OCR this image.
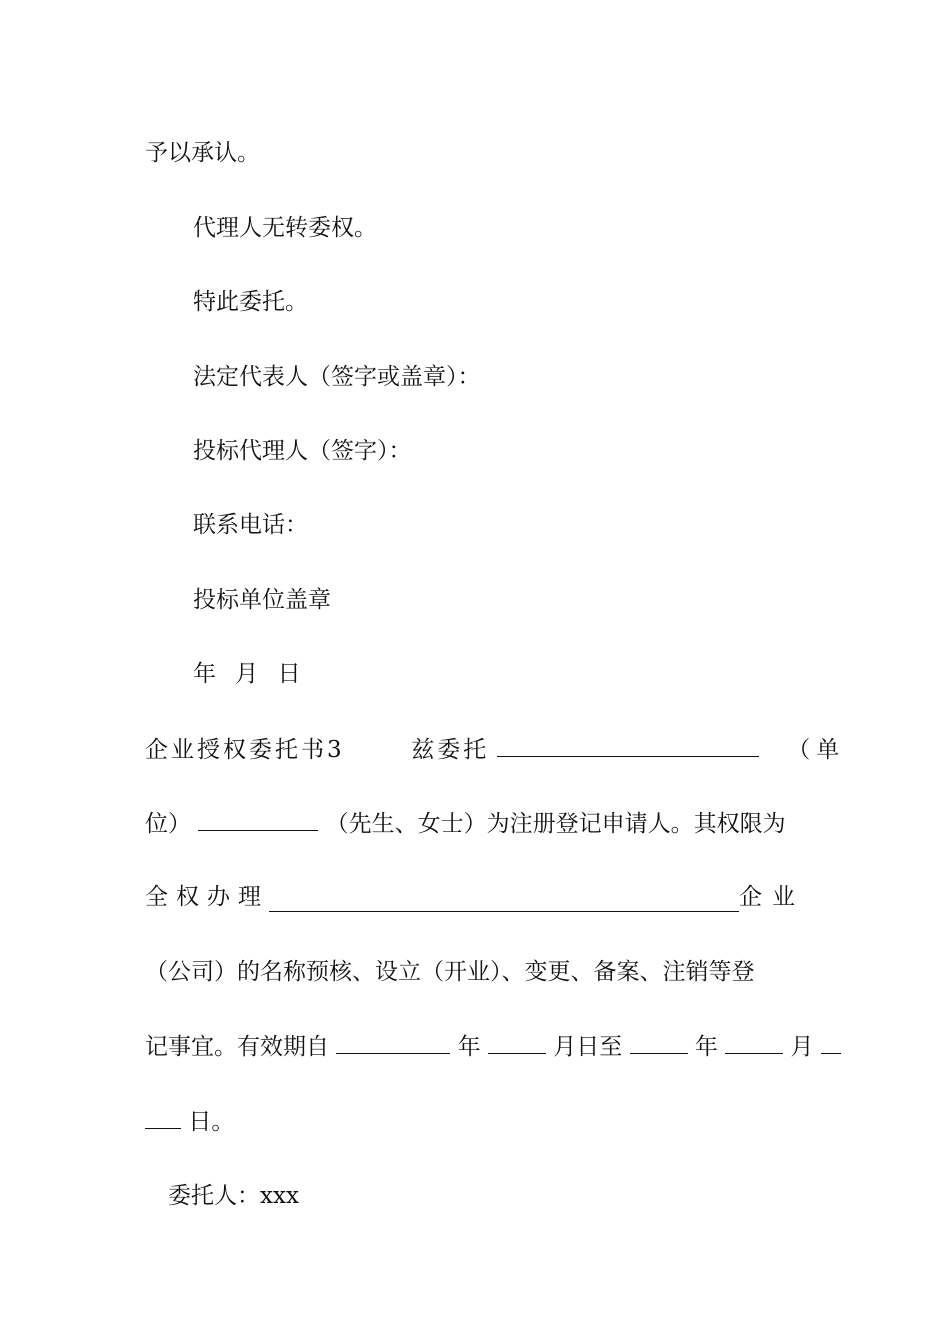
予以承认。
代理人无转委权。
特此委托。
法定代表人（签字或盖章）：
投标代理人（签字）：
联系电话：
投标单位盖章
年 月 日
企业授权委托书3	兹委托	（单
位）	（先生、女士）为注册登记申请人。其权限为
全权办理	企业
（公司）的名称预核、设立（开业）、变更、备案、注销等登
记事宜。有效期自	年	月日至	年	月
日。
委托人：xxx
